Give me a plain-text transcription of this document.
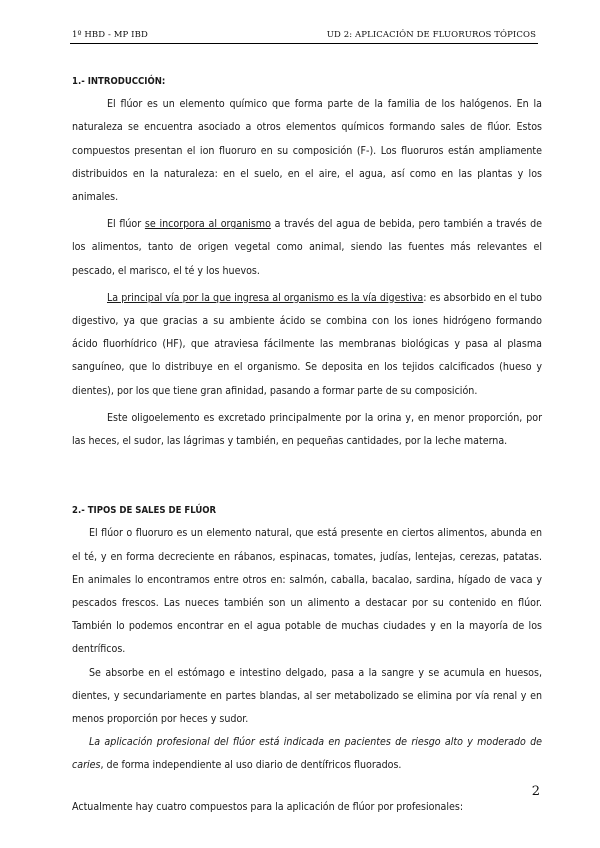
1º HBD - MP IBD	UD 2: APLICACIÓN DE FLUORUROS TÓPICOS

1.- INTRODUCCIÓN:

El flúor es un elemento químico que forma parte de la familia de los halógenos. En la naturaleza se encuentra asociado a otros elementos químicos formando sales de flúor. Estos compuestos presentan el ion fluoruro en su composición (F-). Los fluoruros están ampliamente distribuidos en la naturaleza: en el suelo, en el aire, el agua, así como en las plantas y los animales.

El flúor se incorpora al organismo a través del agua de bebida, pero también a través de los alimentos, tanto de origen vegetal como animal, siendo las fuentes más relevantes el pescado, el marisco, el té y los huevos.

La principal vía por la que ingresa al organismo es la vía digestiva: es absorbido en el tubo digestivo, ya que gracias a su ambiente ácido se combina con los iones hidrógeno formando ácido fluorhídrico (HF), que atraviesa fácilmente las membranas biológicas y pasa al plasma sanguíneo, que lo distribuye en el organismo. Se deposita en los tejidos calcificados (hueso y dientes), por los que tiene gran afinidad, pasando a formar parte de su composición.

Este oligoelemento es excretado principalmente por la orina y, en menor proporción, por las heces, el sudor, las lágrimas y también, en pequeñas cantidades, por la leche materna.

2.- TIPOS DE SALES DE FLÚOR

El flúor o fluoruro es un elemento natural, que está presente en ciertos alimentos, abunda en el té, y en forma decreciente en rábanos, espinacas, tomates, judías, lentejas, cerezas, patatas. En animales lo encontramos entre otros en: salmón, caballa, bacalao, sardina, hígado de vaca y pescados frescos. Las nueces también son un alimento a destacar por su contenido en flúor. También lo podemos encontrar en el agua potable de muchas ciudades y en la mayoría de los dentríficos.

Se absorbe en el estómago e intestino delgado, pasa a la sangre y se acumula en huesos, dientes, y secundariamente en partes blandas, al ser metabolizado se elimina por vía renal y en menos proporción por heces y sudor.

La aplicación profesional del flúor está indicada en pacientes de riesgo alto y moderado de caries, de forma independiente al uso diario de dentífricos fluorados.

Actualmente hay cuatro compuestos para la aplicación de flúor por profesionales:

2
